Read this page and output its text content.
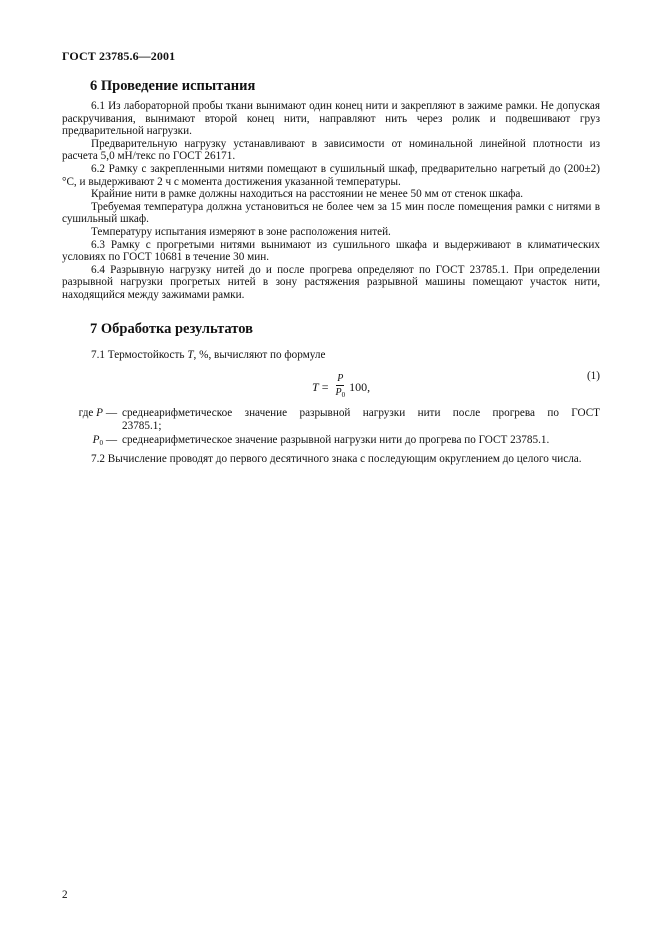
ГОСТ 23785.6—2001
6 Проведение испытания

6.1 Из лабораторной пробы ткани вынимают один конец нити и закрепляют в зажиме рамки. Не допуская раскручивания, вынимают второй конец нити, направляют нить через ролик и подвешивают груз предварительной нагрузки.

Предварительную нагрузку устанавливают в зависимости от номинальной линейной плотности из расчета 5,0 мН/текс по ГОСТ 26171.

6.2 Рамку с закрепленными нитями помещают в сушильный шкаф, предварительно нагретый до (200±2) °С, и выдерживают 2 ч с момента достижения указанной температуры.

Крайние нити в рамке должны находиться на расстоянии не менее 50 мм от стенок шкафа.

Требуемая температура должна установиться не более чем за 15 мин после помещения рамки с нитями в сушильный шкаф.

Температуру испытания измеряют в зоне расположения нитей.

6.3 Рамку с прогретыми нитями вынимают из сушильного шкафа и выдерживают в климатических условиях по ГОСТ 10681 в течение 30 мин.

6.4 Разрывную нагрузку нитей до и после прогрева определяют по ГОСТ 23785.1. При определении разрывной нагрузки прогретых нитей в зону растяжения разрывной машины помещают участок нити, находящийся между зажимами рамки.

7 Обработка результатов

7.1 Термостойкость T, %, вычисляют по формуле

$T = \frac{P}{P_0} 100$,
(1)
где P — среднеарифметическое значение разрывной нагрузки нити после прогрева по ГОСТ 23785.1;
$P_0$ — среднеарифметическое значение разрывной нагрузки нити до прогрева по ГОСТ 23785.1.

7.2 Вычисление проводят до первого десятичного знака с последующим округлением до целого числа.

2
